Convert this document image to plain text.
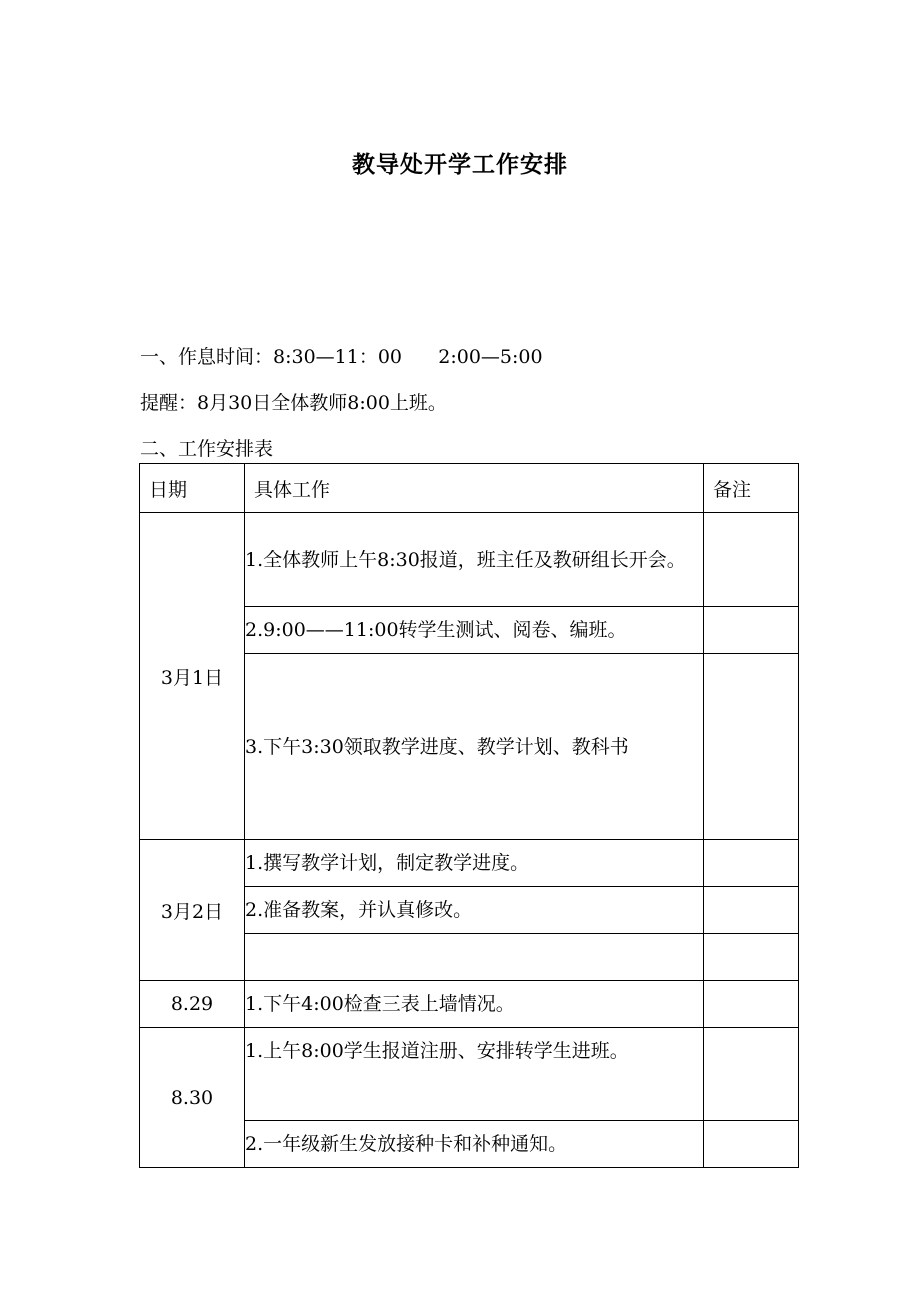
教导处开学工作安排
一、作息时间：8:30—11：00      2:00—5:00
提醒：8月30日全体教师8:00上班。
二、工作安排表
日期	具体工作	备注
3月1日	1.全体教师上午8:30报道，班主任及教研组长开会。	
	2.9:00——11:00转学生测试、阅卷、编班。	
	3.下午3:30领取教学进度、教学计划、教科书	
3月2日	1.撰写教学计划，制定教学进度。	
	2.准备教案，并认真修改。	

8.29	1.下午4:00检查三表上墙情况。	
8.30	1.上午8:00学生报道注册、安排转学生进班。	
	2.一年级新生发放接种卡和补种通知。	
